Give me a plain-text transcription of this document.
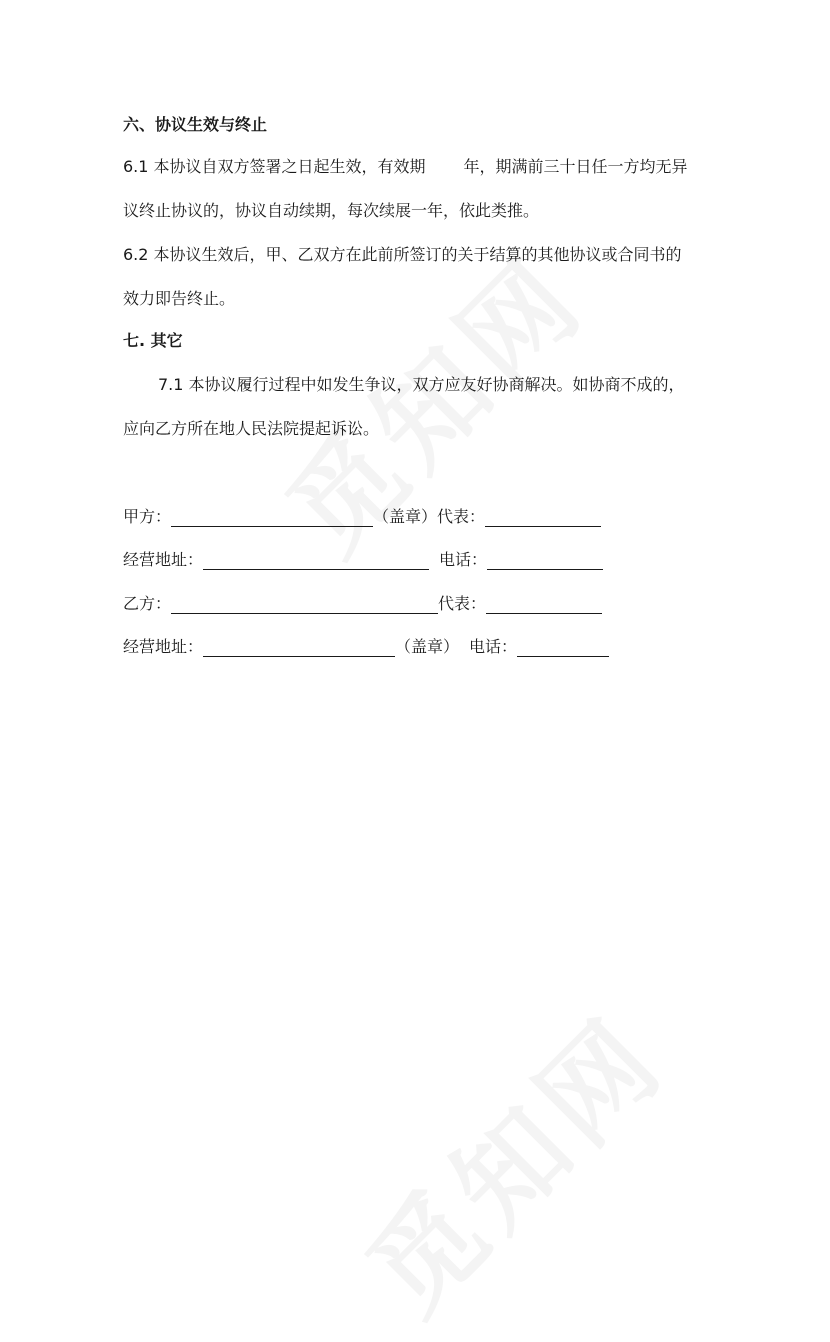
六、协议生效与终止
6.1 本协议自双方签署之日起生效，有效期 年，期满前三十日任一方均无异
议终止协议的，协议自动续期，每次续展一年，依此类推。
6.2 本协议生效后，甲、乙双方在此前所签订的关于结算的其他协议或合同书的
效力即告终止。
七. 其它
7.1 本协议履行过程中如发生争议，双方应友好协商解决。如协商不成的，
应向乙方所在地人民法院提起诉讼。
甲方：	（盖章）代表：
经营地址：	电话：
乙方：	代表：
经营地址：	（盖章） 电话：
